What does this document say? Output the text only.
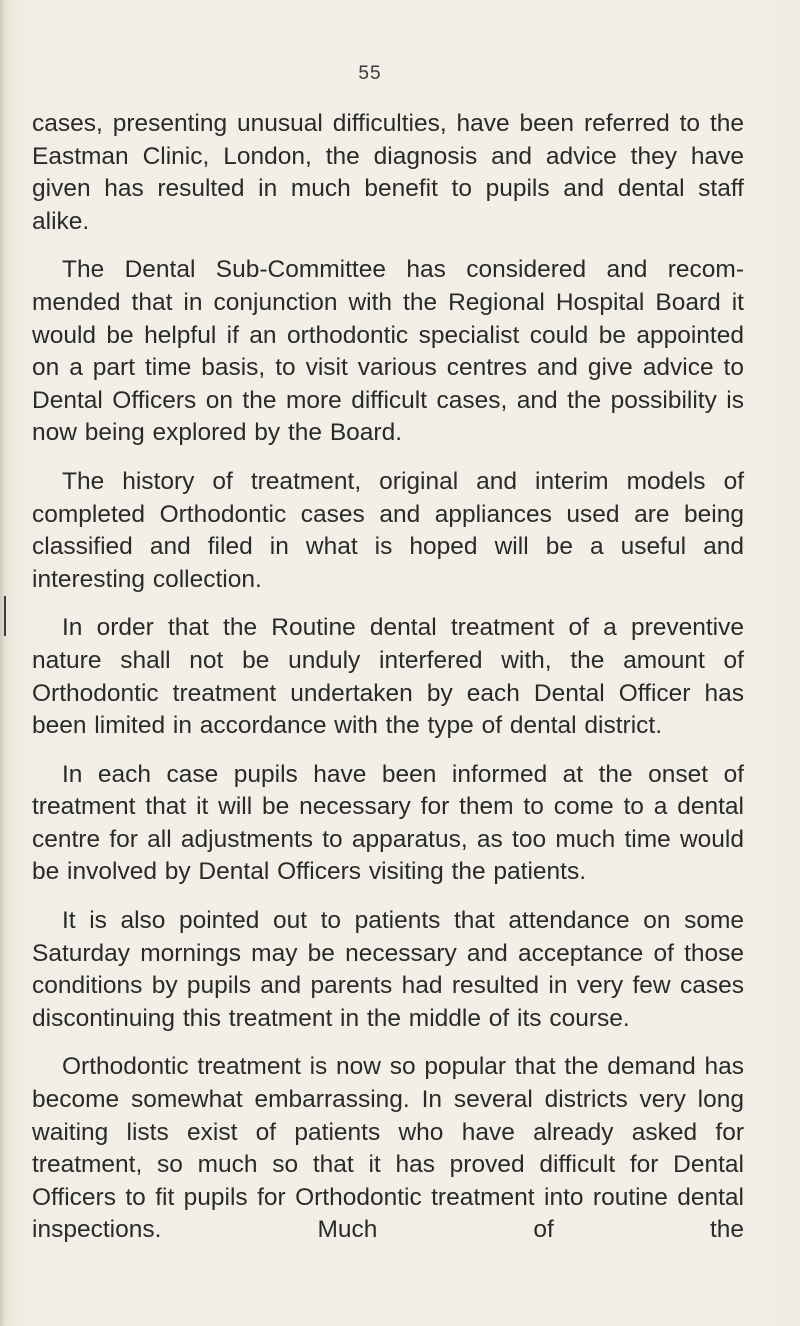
55

cases, presenting unusual difficulties, have been referred to the Eastman Clinic, London, the diagnosis and advice they have given has resulted in much benefit to pupils and dental staff alike.

The Dental Sub-Committee has considered and recommended that in conjunction with the Regional Hospital Board it would be helpful if an orthodontic specialist could be appointed on a part time basis, to visit various centres and give advice to Dental Officers on the more difficult cases, and the possibility is now being explored by the Board.

The history of treatment, original and interim models of completed Orthodontic cases and appliances used are being classified and filed in what is hoped will be a useful and interesting collection.

In order that the Routine dental treatment of a preventive nature shall not be unduly interfered with, the amount of Orthodontic treatment undertaken by each Dental Officer has been limited in accordance with the type of dental district.

In each case pupils have been informed at the onset of treatment that it will be necessary for them to come to a dental centre for all adjustments to apparatus, as too much time would be involved by Dental Officers visiting the patients.

It is also pointed out to patients that attendance on some Saturday mornings may be necessary and acceptance of those conditions by pupils and parents had resulted in very few cases discontinuing this treatment in the middle of its course.

Orthodontic treatment is now so popular that the demand has become somewhat embarrassing. In several districts very long waiting lists exist of patients who have already asked for treatment, so much so that it has proved difficult for Dental Officers to fit pupils for Orthodontic treatment into routine dental inspections. Much of the
